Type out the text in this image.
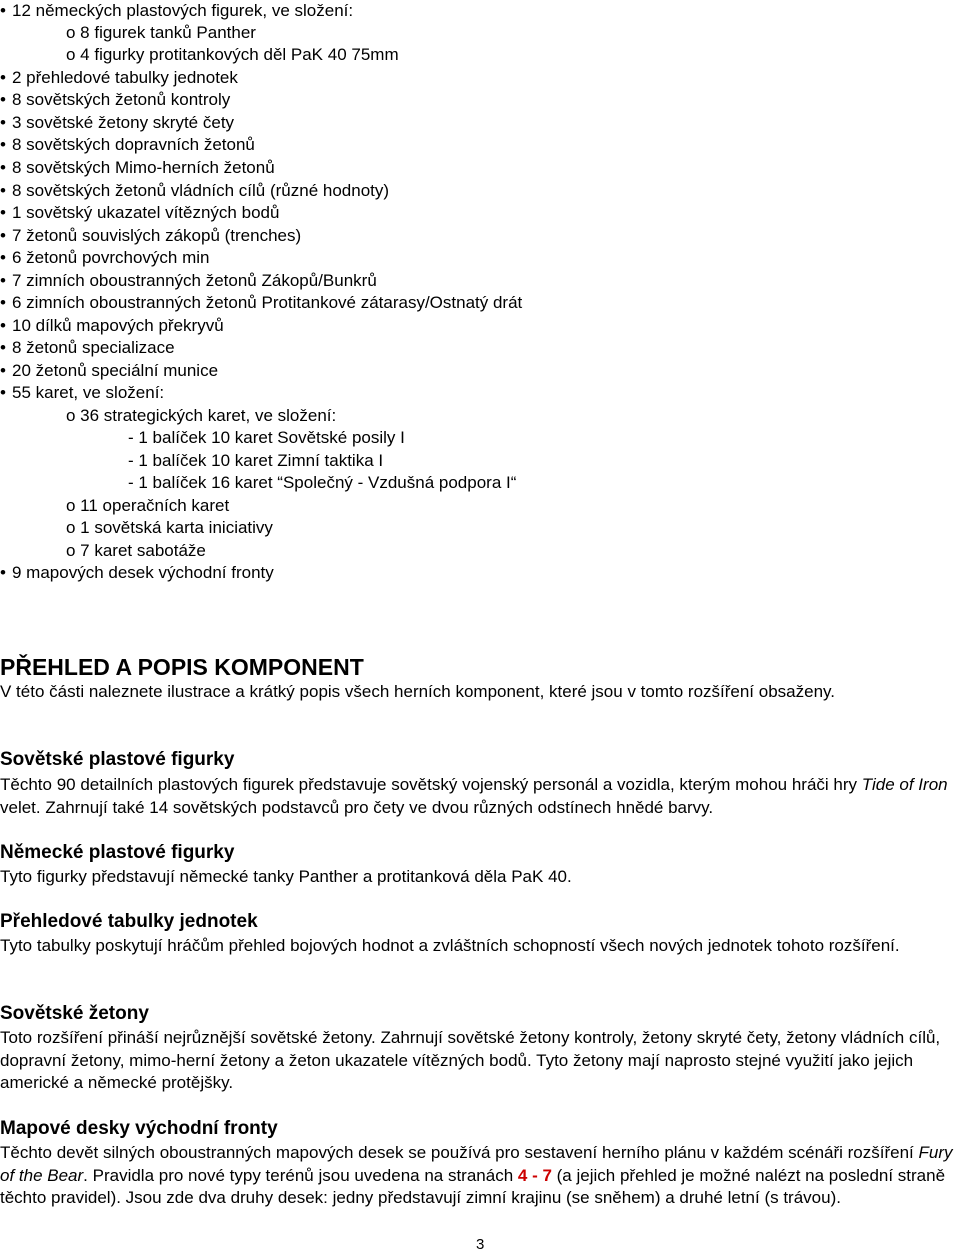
• 12 německých plastových figurek, ve složení:
o 8 figurek tanků Panther
o 4 figurky protitankových děl PaK 40 75mm
• 2 přehledové tabulky jednotek
• 8 sovětských žetonů kontroly
• 3 sovětské žetony skryté čety
• 8 sovětských dopravních žetonů
• 8 sovětských Mimo-herních žetonů
• 8 sovětských žetonů vládních cílů (různé hodnoty)
• 1 sovětský ukazatel vítězných bodů
• 7 žetonů souvislých zákopů (trenches)
• 6 žetonů povrchových min
• 7 zimních oboustranných žetonů Zákopů/Bunkrů
• 6 zimních oboustranných žetonů Protitankové zátarasy/Ostnatý drát
• 10 dílků mapových překryvů
• 8 žetonů specializace
• 20 žetonů speciální munice
• 55 karet, ve složení:
o 36 strategických karet, ve složení:
- 1 balíček 10 karet Sovětské posily I
- 1 balíček 10 karet Zimní taktika I
- 1 balíček 16 karet “Společný - Vzdušná podpora I“
o 11 operačních karet
o 1 sovětská karta iniciativy
o 7 karet sabotáže
• 9 mapových desek východní fronty
PŘEHLED A POPIS KOMPONENT
V této části naleznete ilustrace a krátký popis všech herních komponent, které jsou v tomto rozšíření obsaženy.
Sovětské plastové figurky
Těchto 90 detailních plastových figurek představuje sovětský vojenský personál a vozidla, kterým mohou hráči hry Tide of Iron velet. Zahrnují také 14 sovětských podstavců pro čety ve dvou různých odstínech hnědé barvy.
Německé plastové figurky
Tyto figurky představují německé tanky Panther a protitanková děla PaK 40.
Přehledové tabulky jednotek
Tyto tabulky poskytují hráčům přehled bojových hodnot a zvláštních schopností všech nových jednotek tohoto rozšíření.
Sovětské žetony
Toto rozšíření přináší nejrůznější sovětské žetony. Zahrnují sovětské žetony kontroly, žetony skryté čety, žetony vládních cílů, dopravní žetony, mimo-herní žetony a žeton ukazatele vítězných bodů. Tyto žetony mají naprosto stejné využití jako jejich americké a německé protějšky.
Mapové desky východní fronty
Těchto devět silných oboustranných mapových desek se používá pro sestavení herního plánu v každém scénáři rozšíření Fury of the Bear. Pravidla pro nové typy terénů jsou uvedena na stranách 4 - 7 (a jejich přehled je možné nalézt na poslední straně těchto pravidel). Jsou zde dva druhy desek: jedny představují zimní krajinu (se sněhem) a druhé letní (s trávou).
3
